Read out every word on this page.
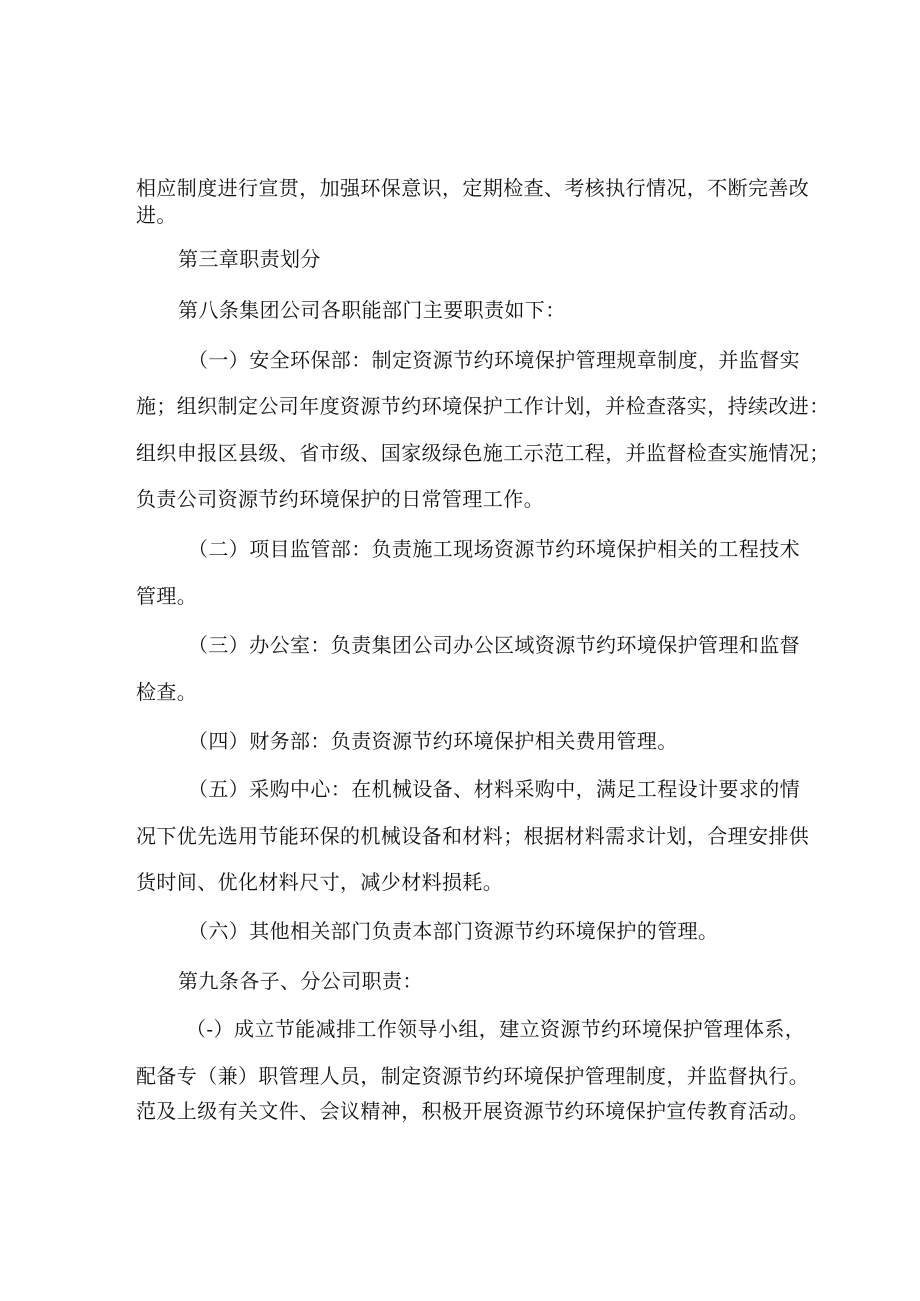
相应制度进行宣贯，加强环保意识，定期检查、考核执行情况，不断完善改
进。
第三章职责划分
第八条集团公司各职能部门主要职责如下：
（一）安全环保部：制定资源节约环境保护管理规章制度，并监督实
施；组织制定公司年度资源节约环境保护工作计划，并检查落实，持续改进：
组织申报区县级、省市级、国家级绿色施工示范工程，并监督检查实施情况；
负责公司资源节约环境保护的日常管理工作。
（二）项目监管部：负责施工现场资源节约环境保护相关的工程技术
管理。
（三）办公室：负责集团公司办公区域资源节约环境保护管理和监督
检查。
（四）财务部：负责资源节约环境保护相关费用管理。
（五）采购中心：在机械设备、材料采购中，满足工程设计要求的情
况下优先选用节能环保的机械设备和材料；根据材料需求计划，合理安排供
货时间、优化材料尺寸，减少材料损耗。
（六）其他相关部门负责本部门资源节约环境保护的管理。
第九条各子、分公司职责：
（-）成立节能减排工作领导小组，建立资源节约环境保护管理体系，
配备专（兼）职管理人员，制定资源节约环境保护管理制度，并监督执行。
范及上级有关文件、会议精神，积极开展资源节约环境保护宣传教育活动。
